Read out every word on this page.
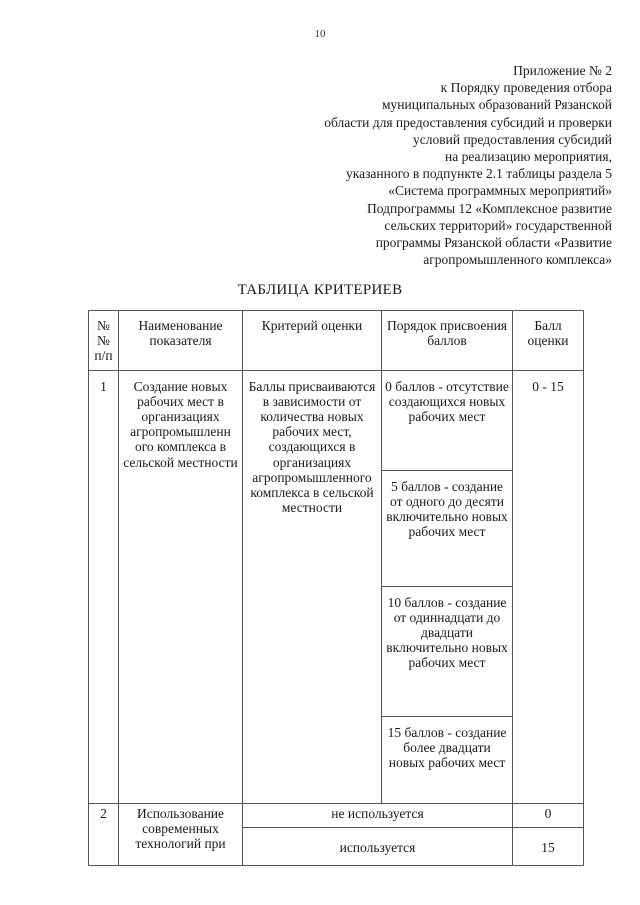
10
Приложение № 2
к Порядку проведения отбора
муниципальных образований Рязанской
области для предоставления субсидий и проверки
условий предоставления субсидий
на реализацию мероприятия,
указанного в подпункте 2.1 таблицы раздела 5
«Система программных мероприятий»
Подпрограммы 12 «Комплексное развитие
сельских территорий» государственной
программы Рязанской области «Развитие
агропромышленного комплекса»
ТАБЛИЦА КРИТЕРИЕВ
№ № п/п	Наименование показателя	Критерий оценки	Порядок присвоения баллов	Балл оценки
1	Создание новых рабочих мест в организациях агропромышленн ого комплекса в сельской местности	Баллы присваиваются в зависимости от количества новых рабочих мест, создающихся в организациях агропромышленного комплекса в сельской местности	0 баллов - отсутствие создающихся новых рабочих мест	0 - 15
			5 баллов - создание от одного до десяти включительно новых рабочих мест	
			10 баллов - создание от одиннадцати до двадцати включительно новых рабочих мест	
			15 баллов - создание более двадцати новых рабочих мест	
2	Использование современных технологий при	не используется		0
		используется		15
